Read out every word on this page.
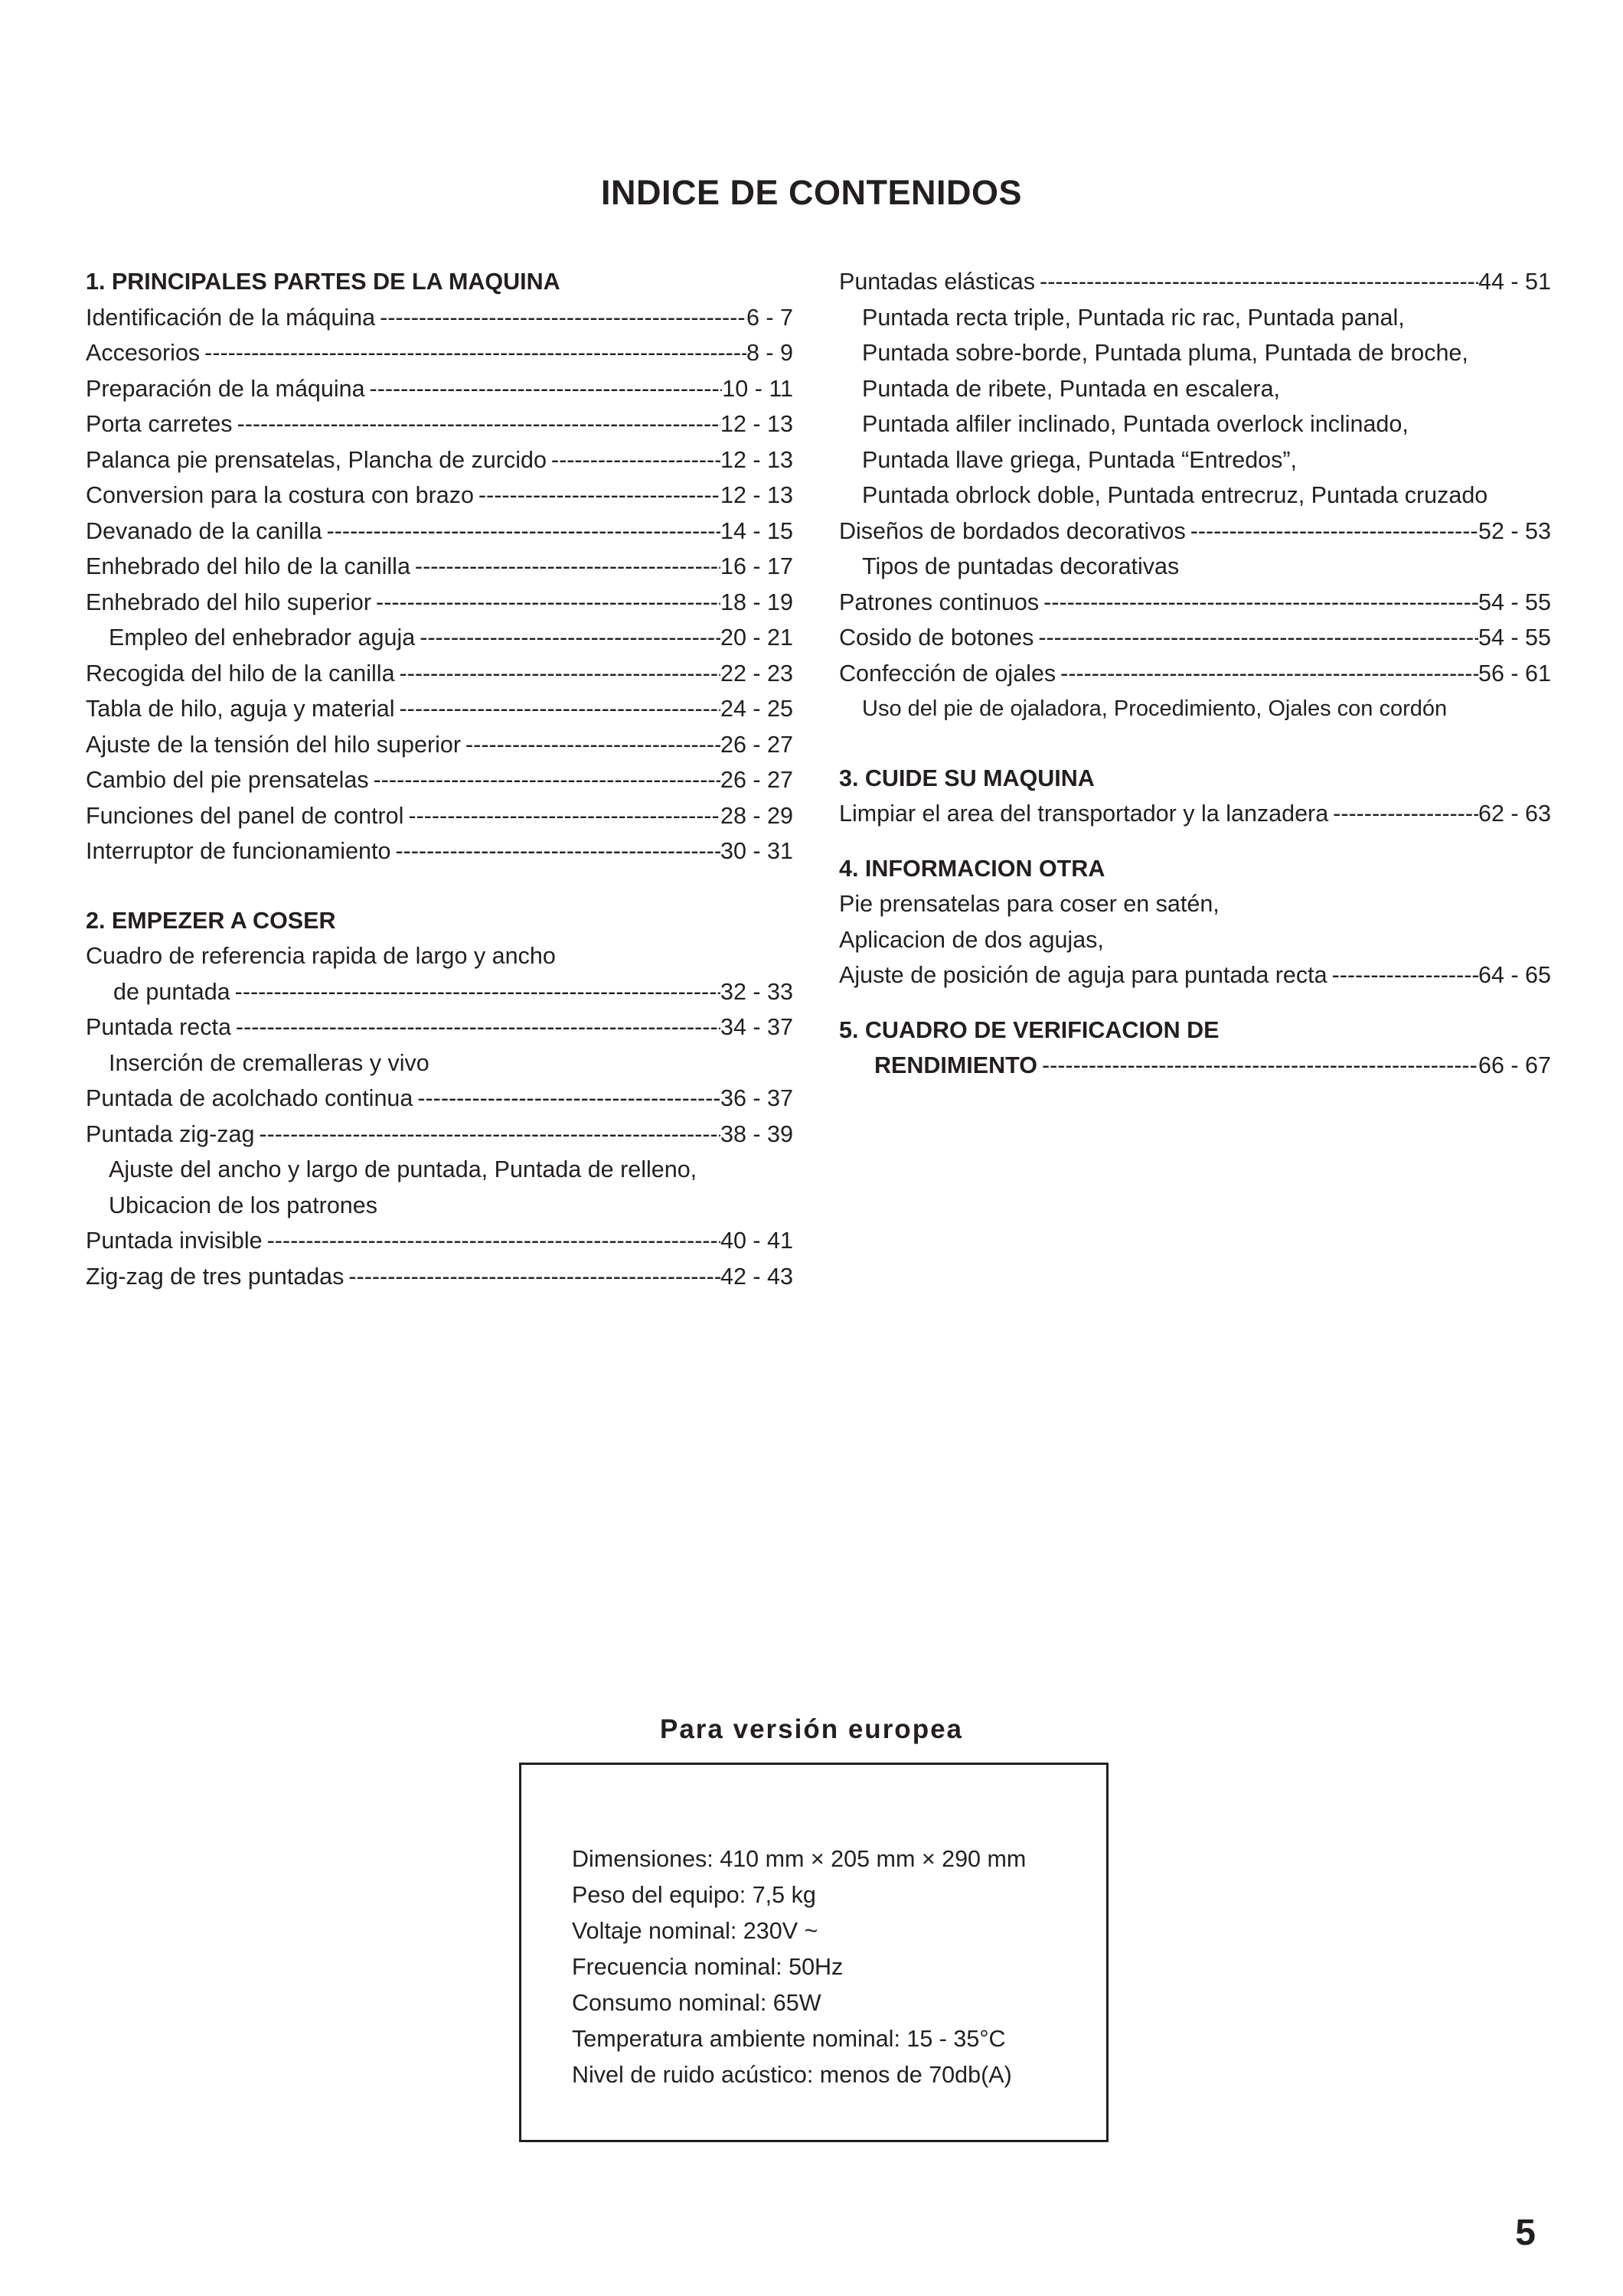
INDICE DE CONTENIDOS
1. PRINCIPALES PARTES DE LA MAQUINA
Identificación de la máquina -----	6 - 7
Accesorios -----	8 - 9
Preparación de la máquina -----	10 - 11
Porta carretes -----	12 - 13
Palanca pie prensatelas, Plancha de zurcido -----	12 - 13
Conversion para la costura con brazo -----	12 - 13
Devanado de la canilla -----	14 - 15
Enhebrado del hilo de la canilla -----	16 - 17
Enhebrado del hilo superior -----	18 - 19
Empleo del enhebrador aguja -----	20 - 21
Recogida del hilo de la canilla -----	22 - 23
Tabla de hilo, aguja y material -----	24 - 25
Ajuste de la tensión del hilo superior -----	26 - 27
Cambio del pie prensatelas -----	26 - 27
Funciones del panel de control -----	28 - 29
Interruptor de funcionamiento -----	30 - 31
2. EMPEZER A COSER
Cuadro de referencia rapida de largo y ancho
de puntada -----	32 - 33
Puntada recta -----	34 - 37
Inserción de cremalleras y vivo
Puntada de acolchado continua -----	36 - 37
Puntada zig-zag -----	38 - 39
Ajuste del ancho y largo de puntada, Puntada de relleno,
Ubicacion de los patrones
Puntada invisible -----	40 - 41
Zig-zag de tres puntadas -----	42 - 43
Puntadas elásticas -----	44 - 51
Puntada recta triple, Puntada ric rac, Puntada panal,
Puntada sobre-borde, Puntada pluma, Puntada de broche,
Puntada de ribete, Puntada en escalera,
Puntada alfiler inclinado, Puntada overlock inclinado,
Puntada llave griega, Puntada “Entredos”,
Puntada obrlock doble, Puntada entrecruz, Puntada cruzado
Diseños de bordados decorativos -----	52 - 53
Tipos de puntadas decorativas
Patrones continuos -----	54 - 55
Cosido de botones -----	54 - 55
Confección de ojales -----	56 - 61
Uso del pie de ojaladora, Procedimiento, Ojales con cordón
3. CUIDE SU MAQUINA
Limpiar el area del transportador y la lanzadera -----	62 - 63
4. INFORMACION OTRA
Pie prensatelas para coser en satén,
Aplicacion de dos agujas,
Ajuste de posición de aguja para puntada recta -----	64 - 65
5. CUADRO DE VERIFICACION DE
RENDIMIENTO -----	66 - 67
Para versión europea
Dimensiones: 410 mm × 205 mm × 290 mm
Peso del equipo: 7,5 kg
Voltaje nominal: 230V ~
Frecuencia nominal: 50Hz
Consumo nominal: 65W
Temperatura ambiente nominal: 15 - 35°C
Nivel de ruido acústico: menos de 70db(A)
5
